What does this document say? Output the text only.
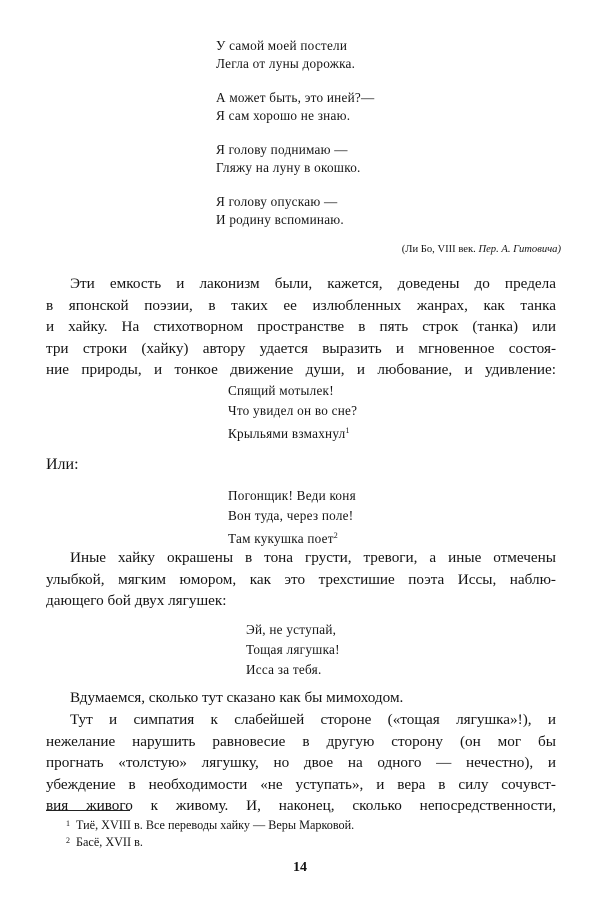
У самой моей постели
Легла от луны дорожка.
А может быть, это иней?—
Я сам хорошо не знаю.
Я голову поднимаю —
Гляжу на луну в окошко.
Я голову опускаю —
И родину вспоминаю.
(Ли Бо, VIII век. Пер. А. Гитовича)
Эти емкость и лаконизм были, кажется, доведены до предела
в японской поэзии, в таких ее излюбленных жанрах, как танка
и хайку. На стихотворном пространстве в пять строк (танка) или
три строки (хайку) автору удается выразить и мгновенное состоя-
ние природы, и тонкое движение души, и любование, и удивление:
Спящий мотылек!
Что увидел он во сне?
Крыльями взмахнул$^1$
Или:
Погонщик! Веди коня
Вон туда, через поле!
Там кукушка поет$^2$
Иные хайку окрашены в тона грусти, тревоги, а иные отмечены
улыбкой, мягким юмором, как это трехстишие поэта Иссы, наблю-
дающего бой двух лягушек:
Эй, не уступай,
Тощая лягушка!
Исса за тебя.
Вдумаемся, сколько тут сказано как бы мимоходом.
Тут и симпатия к слабейшей стороне («тощая лягушка»!), и
нежелание нарушить равновесие в другую сторону (он мог бы
прогнать «толстую» лягушку, но двое на одного — нечестно), и
убеждение в необходимости «не уступать», и вера в силу сочувст-
вия живого к живому. И, наконец, сколько непосредственности,
$^1$ Тиё, XVIII в. Все переводы хайку — Веры Марковой.
$^2$ Басё, XVII в.
14
